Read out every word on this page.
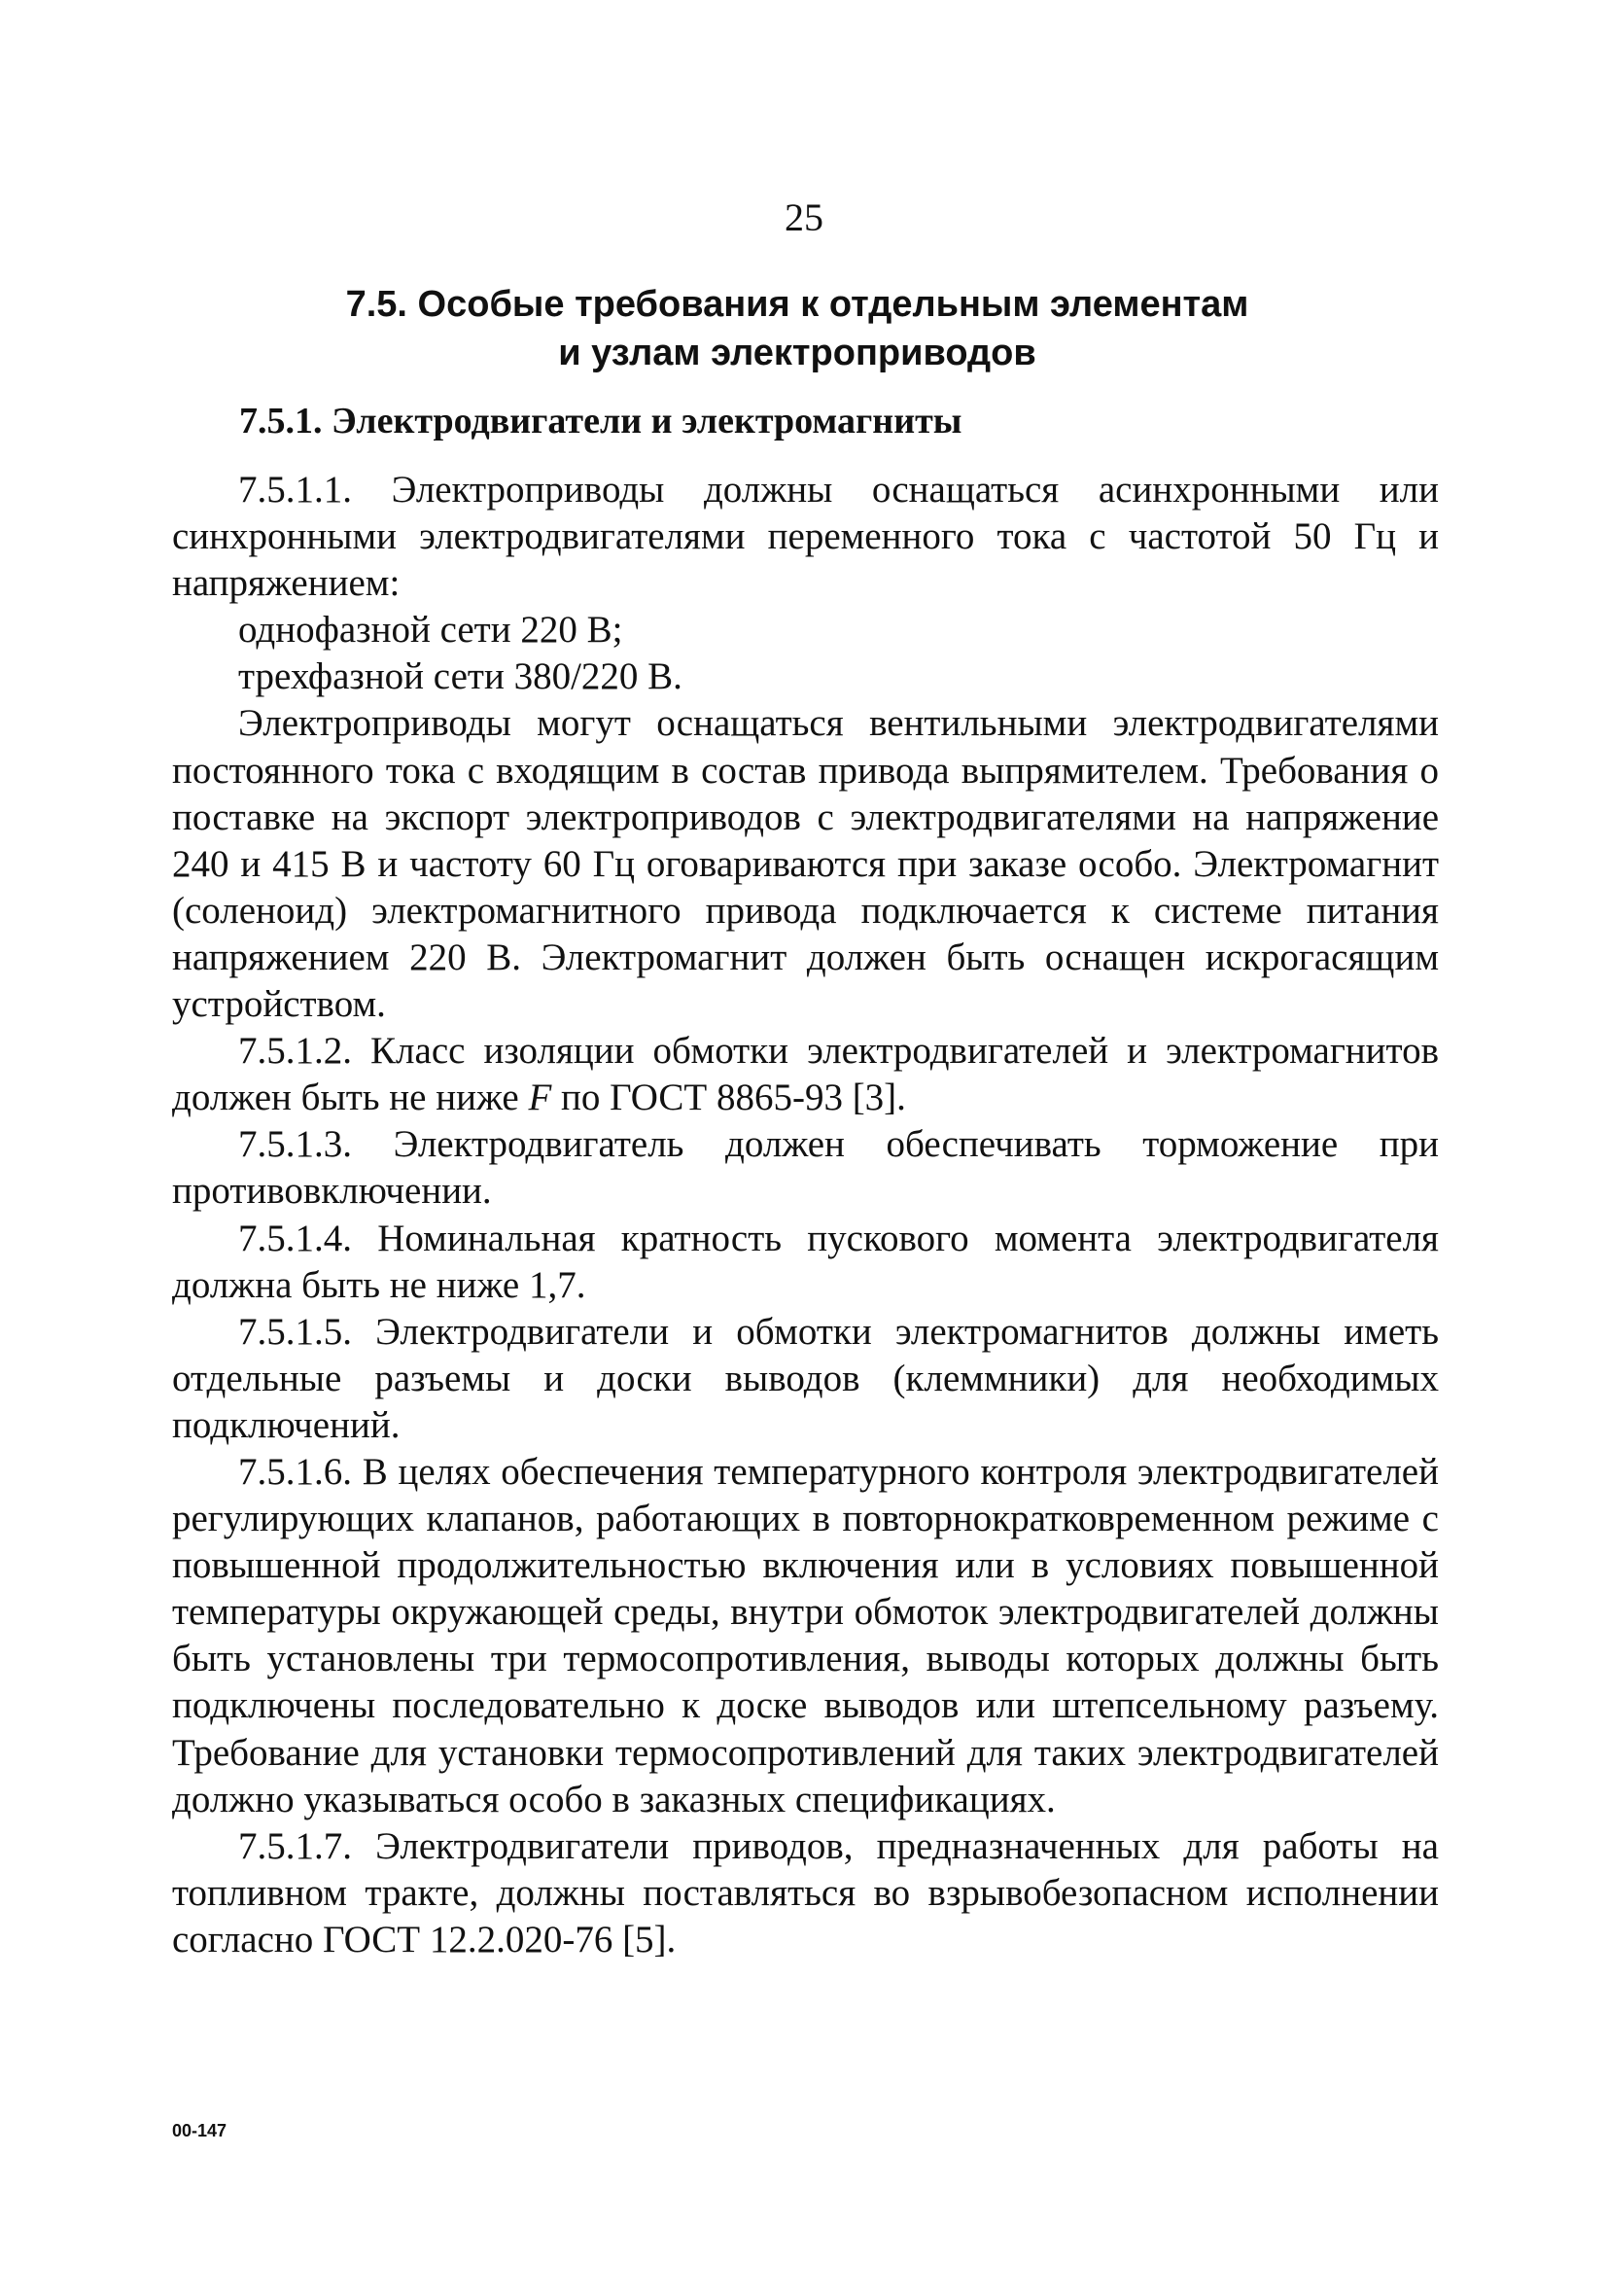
25
7.5. Особые требования к отдельным элементам
и узлам электроприводов
7.5.1. Электродвигатели и электромагниты

7.5.1.1. Электроприводы должны оснащаться асинхронными или синхронными электродвигателями переменного тока с частотой 50 Гц и напряжением:

однофазной сети 220 В;

трехфазной сети 380/220 В.

Электроприводы могут оснащаться вентильными электродвигателями постоянного тока с входящим в состав привода выпрямителем. Требования о поставке на экспорт электроприводов с электродвигателями на напряжение 240 и 415 В и частоту 60 Гц оговариваются при заказе особо. Электромагнит (соленоид) электромагнитного привода подключается к системе питания напряжением 220 В. Электромагнит должен быть оснащен искрогасящим устройством.

7.5.1.2. Класс изоляции обмотки электродвигателей и электромагнитов должен быть не ниже F по ГОСТ 8865-93 [3].

7.5.1.3. Электродвигатель должен обеспечивать торможение при противовключении.

7.5.1.4. Номинальная кратность пускового момента электродвигателя должна быть не ниже 1,7.

7.5.1.5. Электродвигатели и обмотки электромагнитов должны иметь отдельные разъемы и доски выводов (клеммники) для необходимых подключений.

7.5.1.6. В целях обеспечения температурного контроля электродвигателей регулирующих клапанов, работающих в повторнократковременном режиме с повышенной продолжительностью включения или в условиях повышенной температуры окружающей среды, внутри обмоток электродвигателей должны быть установлены три термосопротивления, выводы которых должны быть подключены последовательно к доске выводов или штепсельному разъему. Требование для установки термосопротивлений для таких электродвигателей должно указываться особо в заказных спецификациях.

7.5.1.7. Электродвигатели приводов, предназначенных для работы на топливном тракте, должны поставляться во взрывобезопасном исполнении согласно ГОСТ 12.2.020-76 [5].

00-147
